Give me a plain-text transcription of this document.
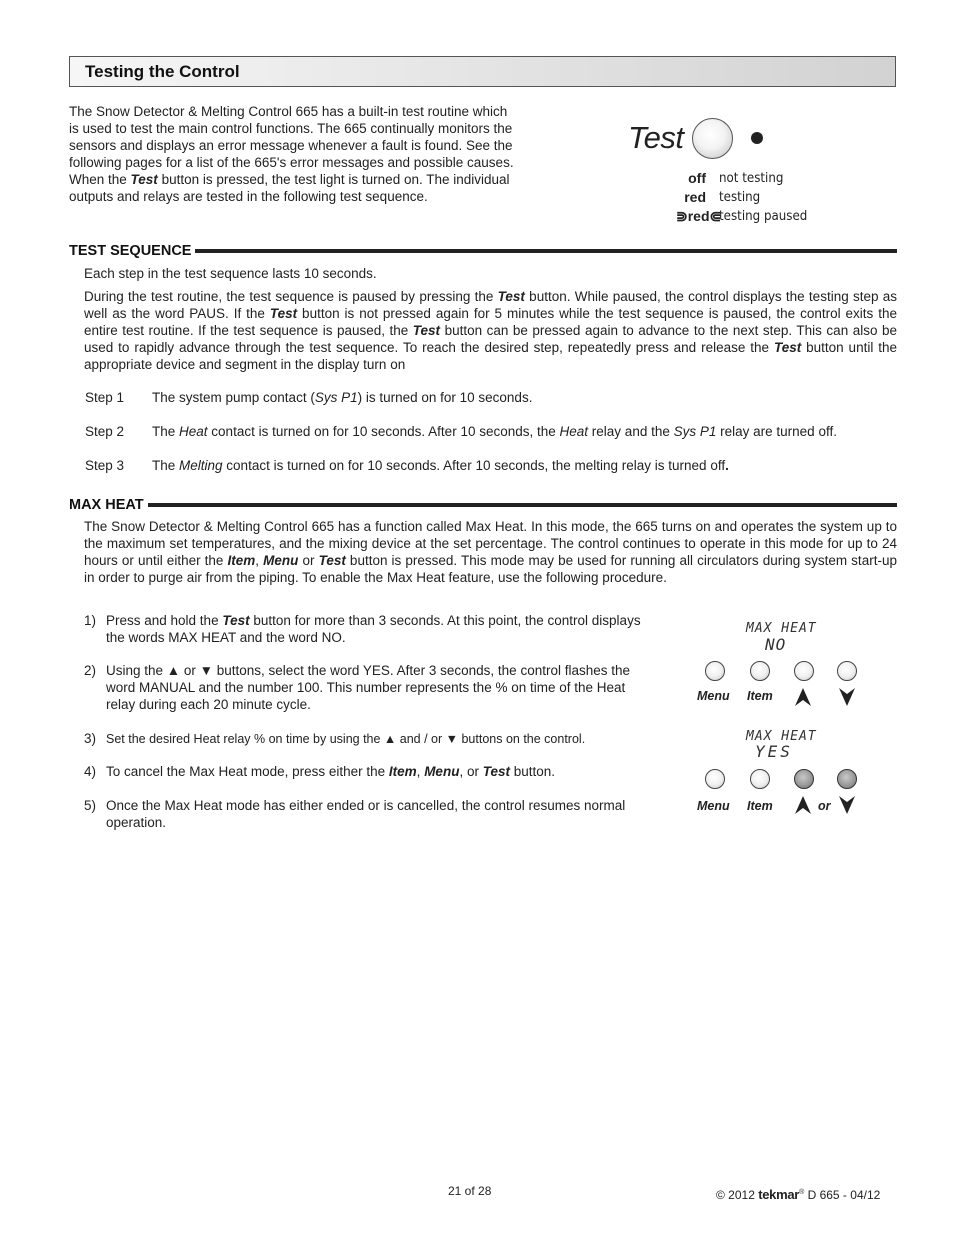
Testing the Control

The Snow Detector & Melting Control 665 has a built-in test routine which

is used to test the main control functions. The 665 continually monitors the

sensors and displays an error message whenever a fault is found. See the

following pages for a list of the 665's error messages and possible causes.

When the Test button is pressed, the test light is turned on. The individual

outputs and relays are tested in the following test sequence.

Test
off not testing
red testing
⋑red⋐
testing paused
TEST SEQUENCE

Each step in the test sequence lasts 10 seconds.

During the test routine, the test sequence is paused by pressing the Test button. While paused, the control displays the testing step as well as the word PAUS. If the Test button is not pressed again for 5 minutes while the test sequence is paused, the control exits the entire test routine. If the test sequence is paused, the Test button can be pressed again to advance to the next step. This can also be used to rapidly advance through the test sequence. To reach the desired step, repeatedly press and release the Test button until the appropriate device and segment in the display turn on

Step 1 The system pump contact (Sys P1) is turned on for 10 seconds.
Step 2 The Heat contact is turned on for 10 seconds. After 10 seconds, the Heat relay and the Sys P1 relay are turned off.
Step 3 The Melting contact is turned on for 10 seconds. After 10 seconds, the melting relay is turned off.
MAX HEAT

The Snow Detector & Melting Control 665 has a function called Max Heat. In this mode, the 665 turns on and operates the system up to the maximum set temperatures, and the mixing device at the set percentage. The control continues to operate in this mode for up to 24 hours or until either the Item, Menu or Test button is pressed. This mode may be used for running all circulators during system start-up in order to purge air from the piping. To enable the Max Heat feature, use the following procedure.

1) Press and hold the Test button for more than 3 seconds. At this point, the control displays

the words MAX HEAT and the word NO.

2) Using the ▲ or ▼ buttons, select the word YES. After 3 seconds, the control flashes the

word MANUAL and the number 100. This number represents the % on time of the Heat

relay during each 20 minute cycle.

3) Set the desired Heat relay % on time by using the ▲ and / or ▼ buttons on the control.

4) To cancel the Max Heat mode, press either the Item, Menu, or Test button.

5) Once the Max Heat mode has either ended or is cancelled, the control resumes normal

operation.

MAX HEAT
NO
Menu Item
MAX HEAT
YES
Menu Item	or
21 of 28	© 2012 tekmar® D 665 - 04/12
